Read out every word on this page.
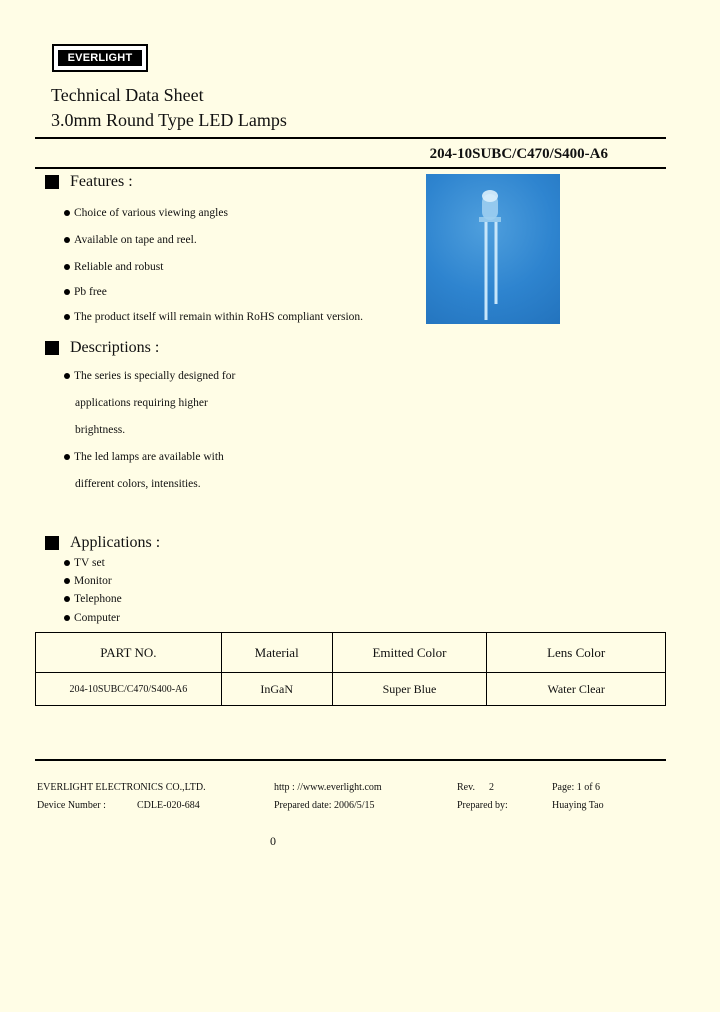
EVERLIGHT
Technical Data Sheet
3.0mm Round Type LED Lamps
204-10SUBC/C470/S400-A6
Features :
Choice of various viewing angles
Available on tape and reel.
Reliable and robust
Pb free
The product itself will remain within RoHS compliant version.
Descriptions :
The series is specially designed for
applications requiring higher
brightness.
The led lamps are available with
different colors, intensities.
Applications :
TV set
Monitor
Telephone
Computer
PART NO.	Material	Emitted Color	Lens Color
204-10SUBC/C470/S400-A6	InGaN	Super Blue	Water Clear
EVERLIGHT ELECTRONICS CO.,LTD.	http : //www.everlight.com	Rev. 2	Page: 1 of 6
Device Number :	CDLE-020-684	Prepared date: 2006/5/15	Prepared by:	Huaying Tao
0
